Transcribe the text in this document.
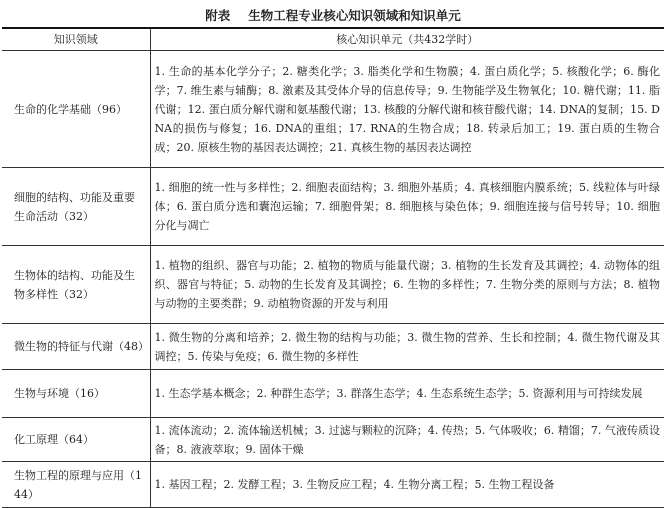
附表 生物工程专业核心知识领域和知识单元
知识领域	核心知识单元（共432学时）
生命的化学基础（96）	1. 生命的基本化学分子；2. 糖类化学；3. 脂类化学和生物膜；4. 蛋白质化学；5. 核酸化学；6. 酶化学；7. 维生素与辅酶；8. 激素及其受体介导的信息传导；9. 生物能学及生物氧化；10. 糖代谢；11. 脂代谢；12. 蛋白质分解代谢和氨基酸代谢；13. 核酸的分解代谢和核苷酸代谢；14. DNA的复制；15. DNA的损伤与修复；16. DNA的重组；17. RNA的生物合成；18. 转录后加工；19. 蛋白质的生物合成；20. 原核生物的基因表达调控；21. 真核生物的基因表达调控
细胞的结构、功能及重要生命活动（32）	1. 细胞的统一性与多样性；2. 细胞表面结构；3. 细胞外基质；4. 真核细胞内膜系统；5. 线粒体与叶绿体；6. 蛋白质分选和囊泡运输；7. 细胞骨架；8. 细胞核与染色体；9. 细胞连接与信号转导；10. 细胞分化与凋亡
生物体的结构、功能及生物多样性（32）	1. 植物的组织、器官与功能；2. 植物的物质与能量代谢；3. 植物的生长发育及其调控；4. 动物体的组织、器官与特征；5. 动物的生长发育及其调控；6. 生物的多样性；7. 生物分类的原则与方法；8. 植物与动物的主要类群；9. 动植物资源的开发与利用
微生物的特征与代谢（48）	1. 微生物的分离和培养；2. 微生物的结构与功能；3. 微生物的营养、生长和控制；4. 微生物代谢及其调控；5. 传染与免疫；6. 微生物的多样性
生物与环境（16）	1. 生态学基本概念；2. 种群生态学；3. 群落生态学；4. 生态系统生态学；5. 资源利用与可持续发展
化工原理（64）	1. 流体流动；2. 流体输送机械；3. 过滤与颗粒的沉降；4. 传热；5. 气体吸收；6. 精馏；7. 气液传质设备；8. 液液萃取；9. 固体干燥
生物工程的原理与应用（144）	1. 基因工程；2. 发酵工程；3. 生物反应工程；4. 生物分离工程；5. 生物工程设备
